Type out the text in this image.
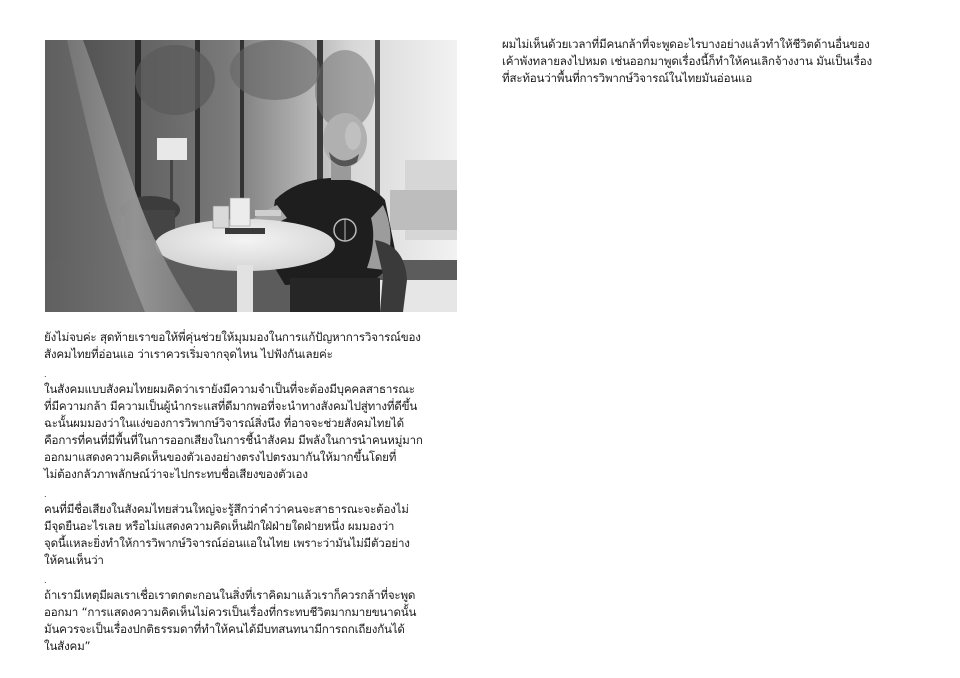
ยังไม่จบค่ะ สุดท้ายเราขอให้พี่คุ่นช่วยให้มุมมองในการแก้ปัญหาการวิจารณ์ของ
สังคมไทยที่อ่อนแอ ว่าเราควรเริ่มจากจุดไหน ไปฟังกันเลยค่ะ

.

ในสังคมแบบสังคมไทยผมคิดว่าเรายังมีความจำเป็นที่จะต้องมีบุคคลสาธารณะ
ที่มีความกล้า มีความเป็นผู้นำกระแสที่ดีมากพอที่จะนำทางสังคมไปสู่ทางที่ดีขึ้น
ฉะนั้นผมมองว่าในแง่ของการวิพากษ์วิจารณ์สิ่งนึง ที่อาจจะช่วยสังคมไทยได้
คือการที่คนที่มีพื้นที่ในการออกเสียงในการชี้นำสังคม มีพลังในการนำคนหมู่มาก
ออกมาแสดงความคิดเห็นของตัวเองอย่างตรงไปตรงมากันให้มากขึ้นโดยที่
ไม่ต้องกลัวภาพลักษณ์ว่าจะไปกระทบชื่อเสียงของตัวเอง

.

คนที่มีชื่อเสียงในสังคมไทยส่วนใหญ่จะรู้สึกว่าคำว่าคนจะสาธารณะจะต้องไม่
มีจุดยืนอะไรเลย หรือไม่แสดงความคิดเห็นฝักใฝ่ฝ่ายใดฝ่ายหนึ่ง ผมมองว่า
จุดนี้แหละยิ่งทำให้การวิพากษ์วิจารณ์อ่อนแอในไทย เพราะว่ามันไม่มีตัวอย่าง
ให้คนเห็นว่า

.

ถ้าเรามีเหตุมีผลเราเชื่อเราตกตะกอนในสิ่งที่เราคิดมาแล้วเราก็ควรกล้าที่จะพูด
ออกมา “การแสดงความคิดเห็นไม่ควรเป็นเรื่องที่กระทบชีวิตมากมายขนาดนั้น
มันควรจะเป็นเรื่องปกติธรรมดาที่ทำให้คนได้มีบทสนทนามีการถกเถียงกันได้
ในสังคม”

ผมไม่เห็นด้วยเวลาที่มีคนกล้าที่จะพูดอะไรบางอย่างแล้วทำให้ชีวิตด้านอื่นของ
เค้าพังทลายลงไปหมด เช่นออกมาพูดเรื่องนี้ก็ทำให้คนเลิกจ้างงาน มันเป็นเรื่อง
ที่สะท้อนว่าพื้นที่การวิพากษ์วิจารณ์ในไทยมันอ่อนแอ
